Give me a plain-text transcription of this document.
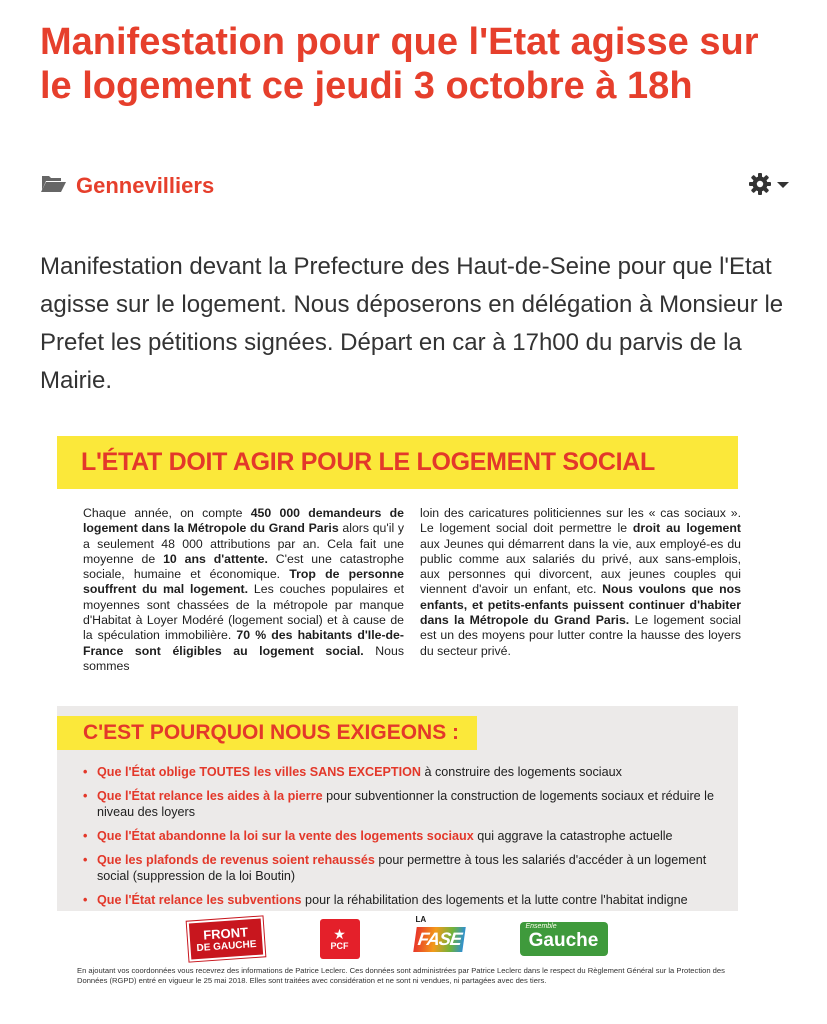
Manifestation pour que l'Etat agisse sur le logement ce jeudi 3 octobre à 18h
Gennevilliers

Manifestation devant la Prefecture des Haut-de-Seine pour que l'Etat agisse sur le logement. Nous déposerons en délégation à Monsieur le Prefet les pétitions signées. Départ en car à 17h00 du parvis de la Mairie.

L'ÉTAT DOIT AGIR POUR LE LOGEMENT SOCIAL
Chaque année, on compte 450 000 demandeurs de logement dans la Métropole du Grand Paris alors qu'il y a seulement 48 000 attributions par an. Cela fait une moyenne de 10 ans d'attente. C'est une catastrophe sociale, humaine et économique. Trop de personne souffrent du mal logement. Les couches populaires et moyennes sont chassées de la métropole par manque d'Habitat à Loyer Modéré (logement social) et à cause de la spéculation immobilière. 70 % des habitants d'Ile-de-France sont éligibles au logement social. Nous sommes
loin des caricatures politiciennes sur les « cas sociaux ». Le logement social doit permettre le droit au logement aux Jeunes qui démarrent dans la vie, aux employé-es du public comme aux salariés du privé, aux sans-emplois, aux personnes qui divorcent, aux jeunes couples qui viennent d'avoir un enfant, etc. Nous voulons que nos enfants, et petits-enfants puissent continuer d'habiter dans la Métropole du Grand Paris. Le logement social est un des moyens pour lutter contre la hausse des loyers du secteur privé.
C'EST POURQUOI NOUS EXIGEONS :
• Que l'État oblige TOUTES les villes SANS EXCEPTION à construire des logements sociaux
• Que l'État relance les aides à la pierre pour subventionner la construction de logements sociaux et réduire le niveau des loyers
• Que l'État abandonne la loi sur la vente des logements sociaux qui aggrave la catastrophe actuelle
• Que les plafonds de revenus soient rehaussés pour permettre à tous les salariés d'accéder à un logement social (suppression de la loi Boutin)
• Que l'État relance les subventions pour la réhabilitation des logements et la lutte contre l'habitat indigne
FRONT
DE GAUCHE
★
PCF
LA
FASE
Ensemble
Gauche

En ajoutant vos coordonnées vous recevrez des informations de Patrice Leclerc. Ces données sont administrées par Patrice Leclerc dans le respect du Règlement Général sur la Protection des Données (RGPD) entré en vigueur le 25 mai 2018. Elles sont traitées avec considération et ne sont ni vendues, ni partagées avec des tiers.
